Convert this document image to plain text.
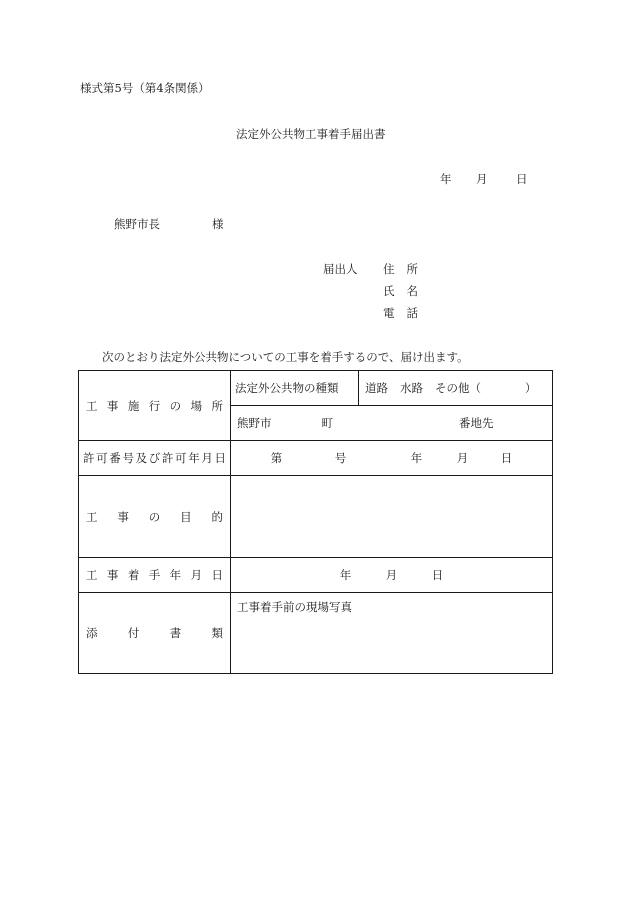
様式第5号（第4条関係）
法定外公共物工事着手届出書
年 月 日
熊野市長	様
届出人 住 所
氏 名
電 話
次のとおり法定外公共物についての工事を着手するので、届け出ます。
工事施行の場所	法定外公共物の種類	道路 水路 その他（ ）
	熊野市 町 番地先	
許可番号及び許可年月日	第 号 年 月 日	
工事の目的		
工事着手年月日	年 月 日	
添付書類	工事着手前の現場写真	
